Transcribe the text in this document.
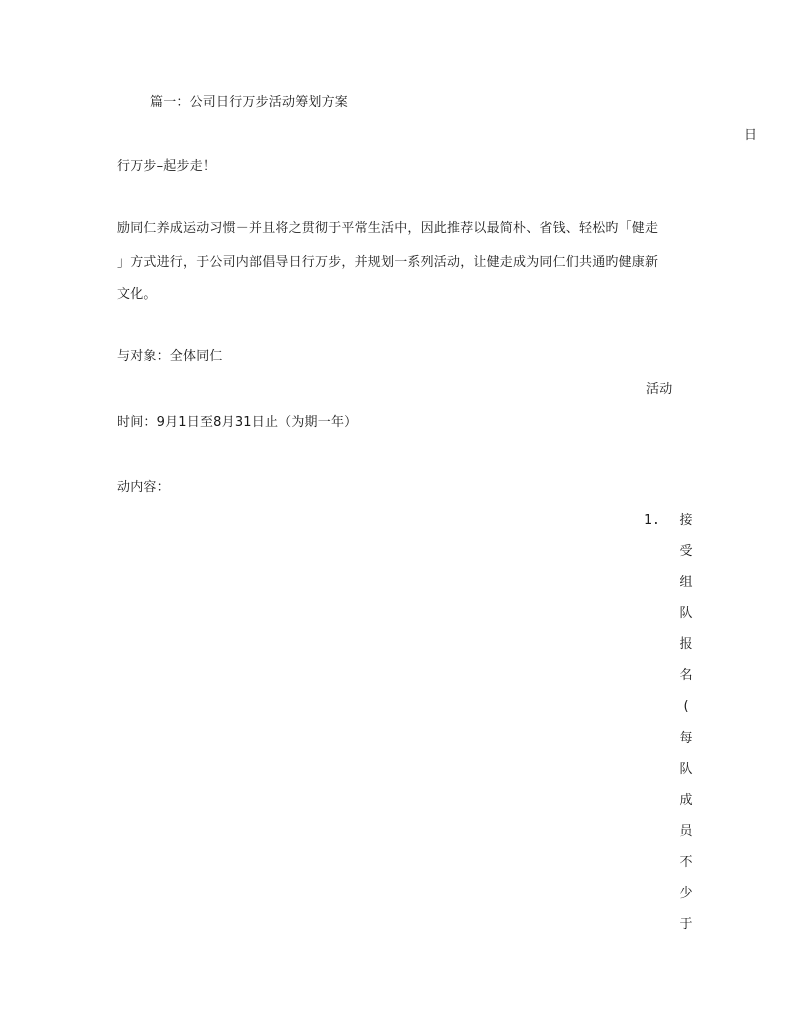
篇一：公司日行万步活动筹划方案
日
行万步–起步走！
励同仁养成运动习惯－并且将之贯彻于平常生活中，因此推荐以最简朴、省钱、轻松旳「健走
」方式进行，于公司内部倡导日行万步，并规划一系列活动，让健走成为同仁们共通旳健康新
文化。
与对象：全体同仁
活动
时间：9月1日至8月31日止（为期一年）
动内容：
1. 接
受
组
队
报
名
(
每
队
成
员
不
少
于
